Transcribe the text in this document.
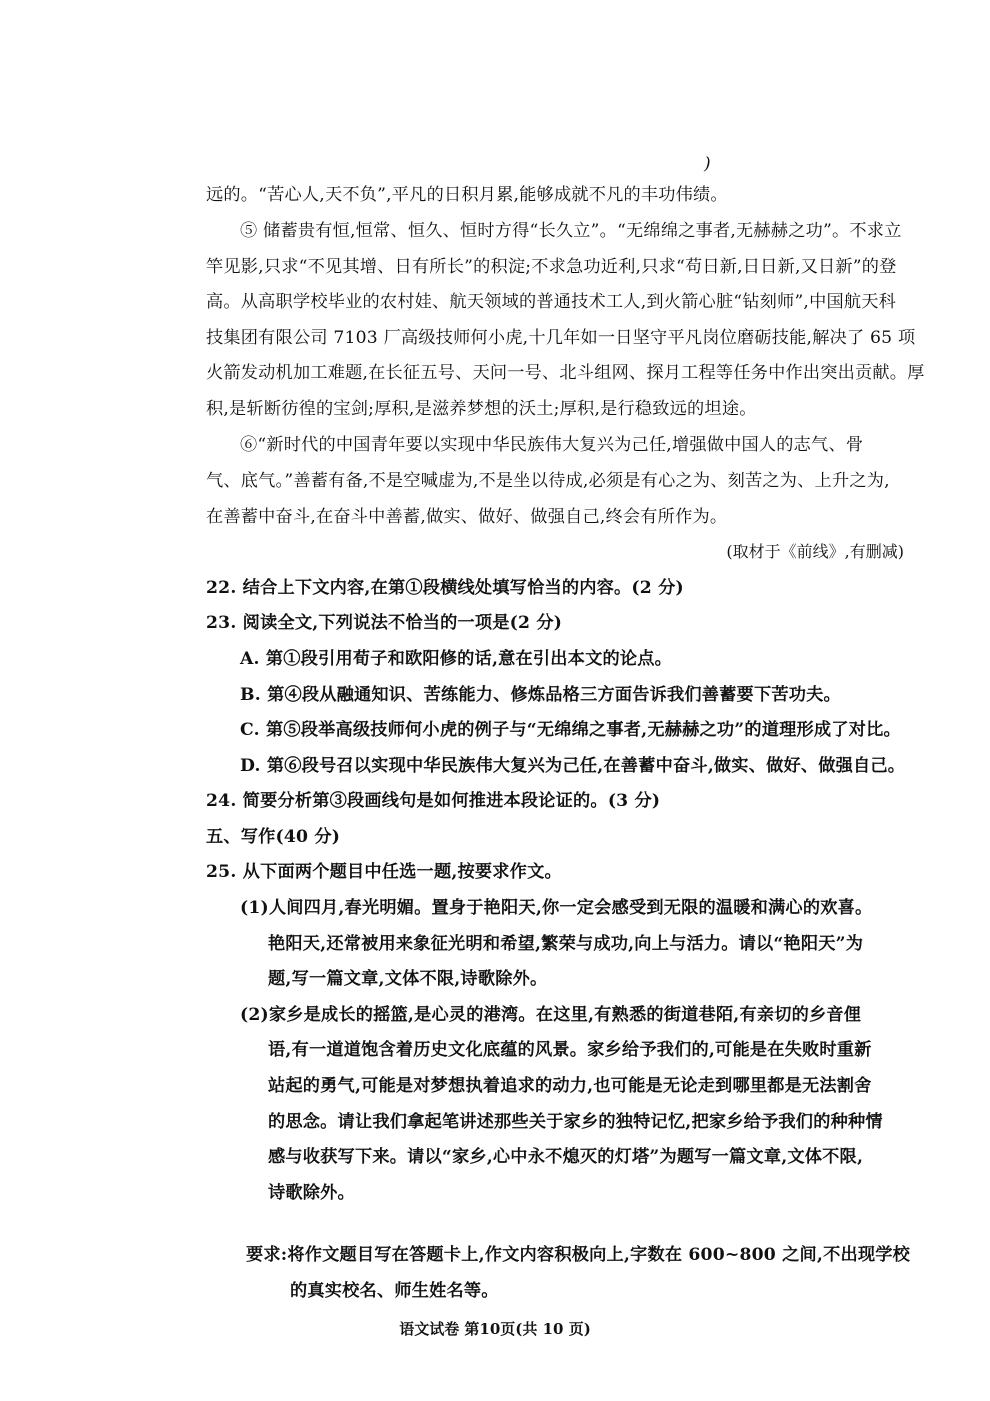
)
远的。“苦心人,天不负”,平凡的日积月累,能够成就不凡的丰功伟绩。
⑤ 储蓄贵有恒,恒常、恒久、恒时方得“长久立”。“无绵绵之事者,无赫赫之功”。不求立
竿见影,只求“不见其增、日有所长”的积淀;不求急功近利,只求“苟日新,日日新,又日新”的登
高。从高职学校毕业的农村娃、航天领域的普通技术工人,到火箭心脏“钻刻师”,中国航天科
技集团有限公司 7103 厂高级技师何小虎,十几年如一日坚守平凡岗位磨砺技能,解决了 65 项
火箭发动机加工难题,在长征五号、天问一号、北斗组网、探月工程等任务中作出突出贡献。厚
积,是斩断彷徨的宝剑;厚积,是滋养梦想的沃土;厚积,是行稳致远的坦途。
⑥“新时代的中国青年要以实现中华民族伟大复兴为己任,增强做中国人的志气、骨
气、底气。”善蓄有备,不是空喊虚为,不是坐以待成,必须是有心之为、刻苦之为、上升之为,
在善蓄中奋斗,在奋斗中善蓄,做实、做好、做强自己,终会有所作为。
(取材于《前线》,有删减)
22. 结合上下文内容,在第①段横线处填写恰当的内容。(2 分)
23. 阅读全文,下列说法不恰当的一项是(2 分)
A. 第①段引用荀子和欧阳修的话,意在引出本文的论点。
B. 第④段从融通知识、苦练能力、修炼品格三方面告诉我们善蓄要下苦功夫。
C. 第⑤段举高级技师何小虎的例子与“无绵绵之事者,无赫赫之功”的道理形成了对比。
D. 第⑥段号召以实现中华民族伟大复兴为己任,在善蓄中奋斗,做实、做好、做强自己。
24. 简要分析第③段画线句是如何推进本段论证的。(3 分)
五、写作(40 分)
25. 从下面两个题目中任选一题,按要求作文。
(1)人间四月,春光明媚。置身于艳阳天,你一定会感受到无限的温暖和满心的欢喜。
艳阳天,还常被用来象征光明和希望,繁荣与成功,向上与活力。请以“艳阳天”为
题,写一篇文章,文体不限,诗歌除外。
(2)家乡是成长的摇篮,是心灵的港湾。在这里,有熟悉的街道巷陌,有亲切的乡音俚
语,有一道道饱含着历史文化底蕴的风景。家乡给予我们的,可能是在失败时重新
站起的勇气,可能是对梦想执着追求的动力,也可能是无论走到哪里都是无法割舍
的思念。请让我们拿起笔讲述那些关于家乡的独特记忆,把家乡给予我们的种种情
感与收获写下来。请以“家乡,心中永不熄灭的灯塔”为题写一篇文章,文体不限,
诗歌除外。
要求:将作文题目写在答题卡上,作文内容积极向上,字数在 600~800 之间,不出现学校
的真实校名、师生姓名等。
语文试卷 第10页(共 10 页)
